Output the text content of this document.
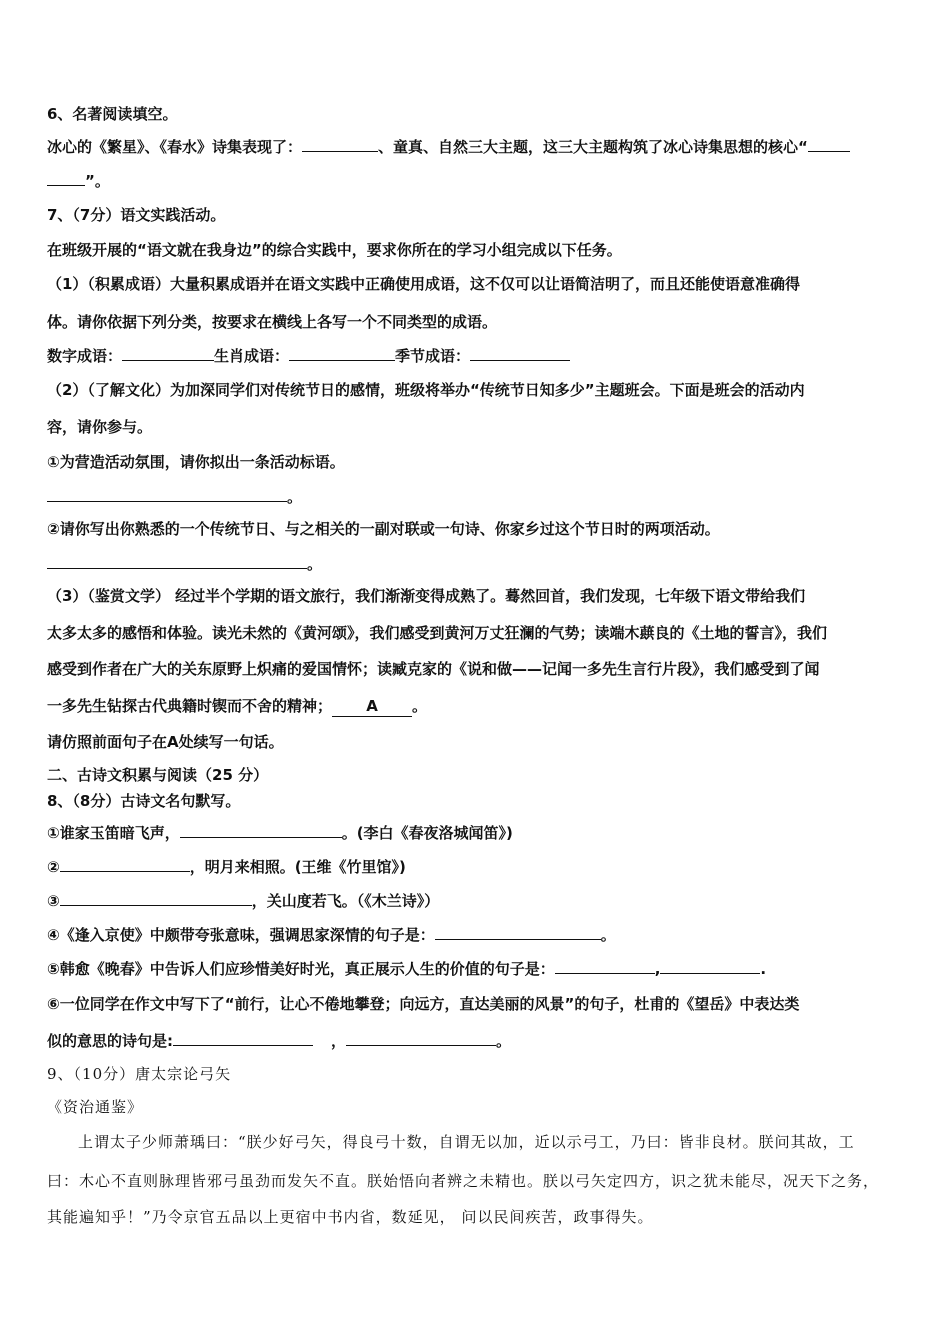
6、名著阅读填空。
冰心的《繁星》、《春水》诗集表现了：	、童真、自然三大主题，这三大主题构筑了冰心诗集思想的核心“
”。
7、（7分）语文实践活动。
在班级开展的“语文就在我身边”的综合实践中，要求你所在的学习小组完成以下任务。
（1）（积累成语）大量积累成语并在语文实践中正确使用成语，这不仅可以让语简洁明了，而且还能使语意准确得
体。请你依据下列分类，按要求在横线上各写一个不同类型的成语。
数字成语：	生肖成语：	季节成语：
（2）（了解文化）为加深同学们对传统节日的感情，班级将举办“传统节日知多少”主题班会。下面是班会的活动内
容，请你参与。
①为营造活动氛围，请你拟出一条活动标语。
。
②请你写出你熟悉的一个传统节日、与之相关的一副对联或一句诗、你家乡过这个节日时的两项活动。
。
（3）（鉴赏文学） 经过半个学期的语文旅行，我们渐渐变得成熟了。蓦然回首，我们发现，七年级下语文带给我们
太多太多的感悟和体验。读光未然的《黄河颂》，我们感受到黄河万丈狂澜的气势；读端木蕻良的《土地的誓言》，我们
感受到作者在广大的关东原野上炽痛的爱国情怀；读臧克家的《说和做——记闻一多先生言行片段》，我们感受到了闻
一多先生钻探古代典籍时锲而不舍的精神； A 。
请仿照前面句子在A处续写一句话。
二、古诗文积累与阅读（25 分）
8、（8分）古诗文名句默写。
①谁家玉笛暗飞声，	。(李白《春夜洛城闻笛》)
②	，明月来相照。(王维《竹里馆》)
③	，关山度若飞。（《木兰诗》）
④《逢入京使》中颇带夸张意味，强调思家深情的句子是：	。
⑤韩愈《晚春》中告诉人们应珍惜美好时光，真正展示人生的价值的句子是：	,	.
⑥一位同学在作文中写下了“前行，让心不倦地攀登；向远方，直达美丽的风景”的句子，杜甫的《望岳》中表达类
似的意思的诗句是:	，	。
9、（10分）唐太宗论弓矢
《资治通鉴》
上谓太子少师萧瑀曰：“朕少好弓矢，得良弓十数，自谓无以加，近以示弓工，乃曰：皆非良材。朕问其故，工
曰：木心不直则脉理皆邪弓虽劲而发矢不直。朕始悟向者辨之未精也。朕以弓矢定四方，识之犹未能尽，况天下之务，
其能遍知乎！”乃令京官五品以上更宿中书内省，数延见， 问以民间疾苦，政事得失。
